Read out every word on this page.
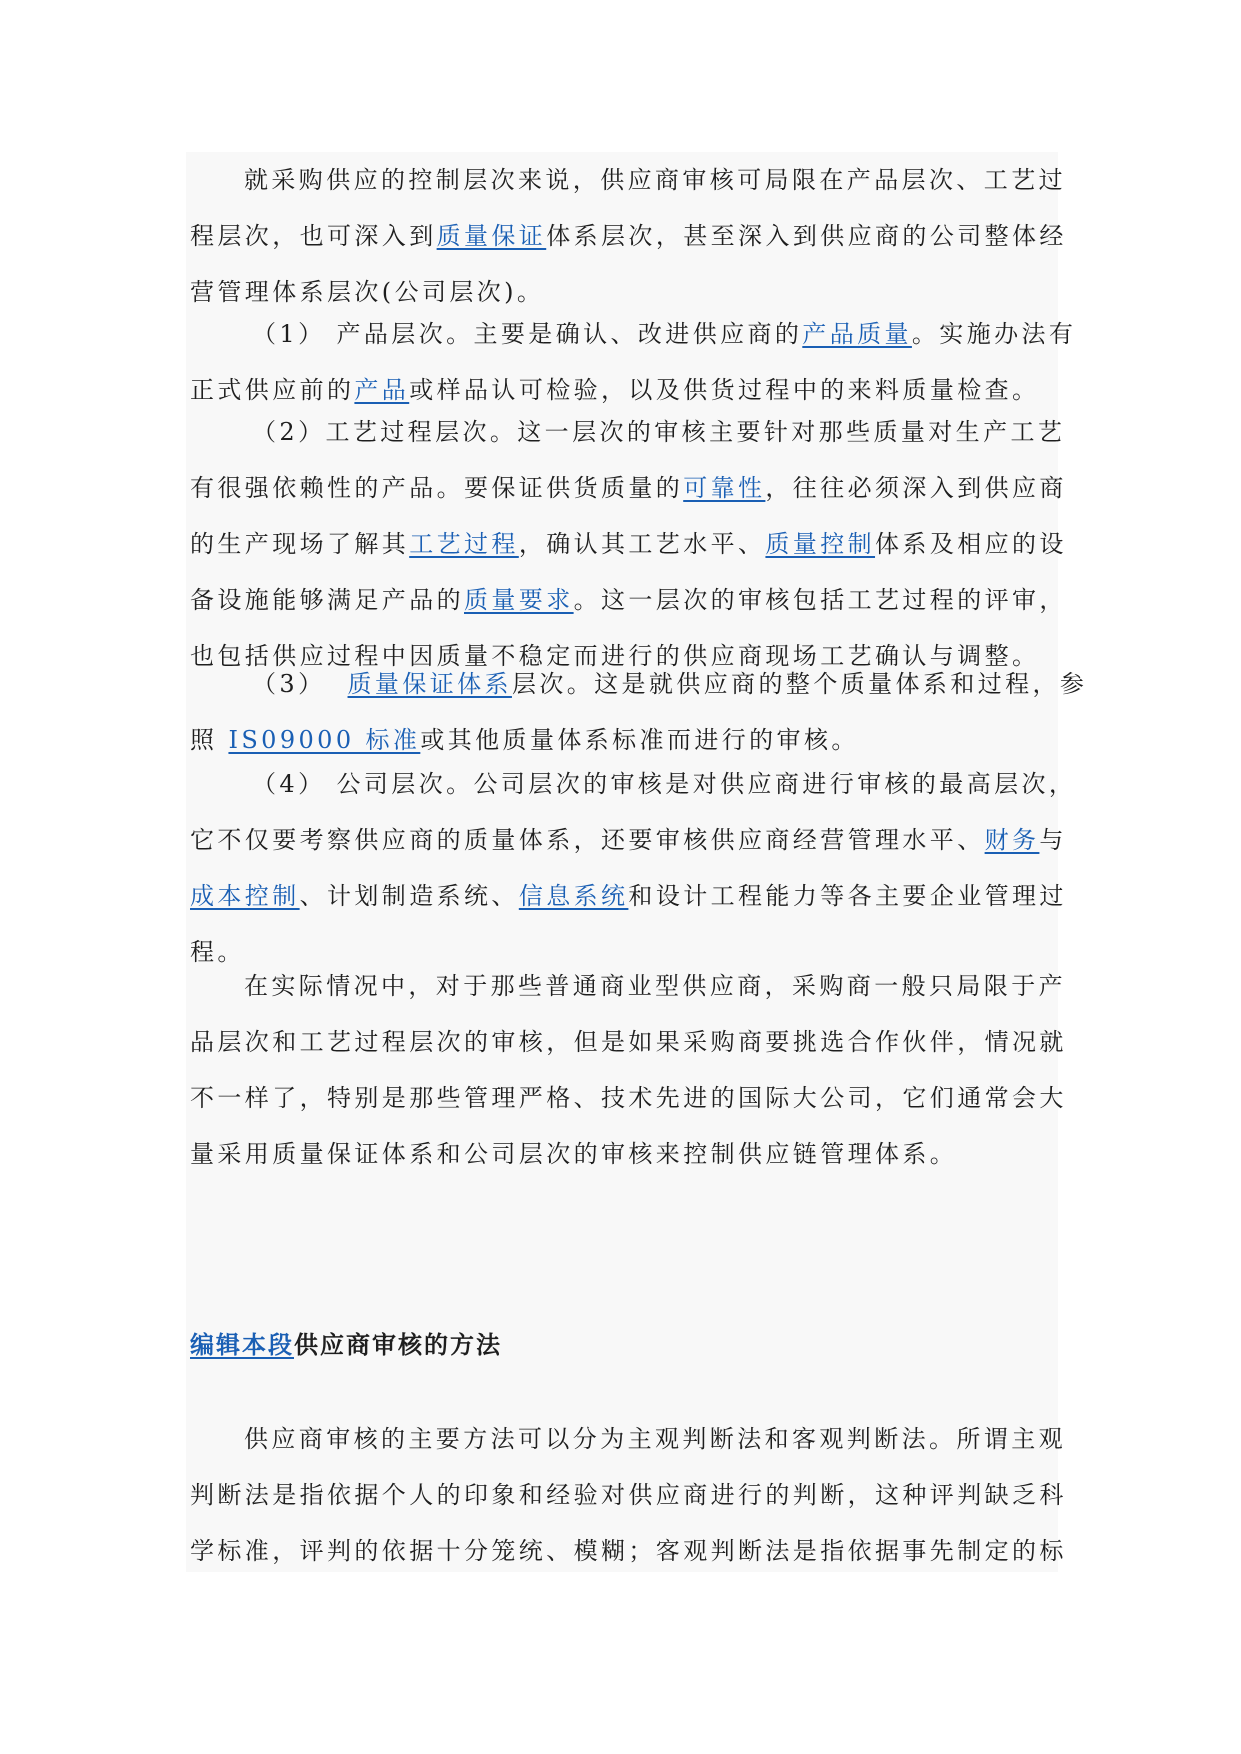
就采购供应的控制层次来说，供应商审核可局限在产品层次、工艺过
程层次，也可深入到质量保证体系层次，甚至深入到供应商的公司整体经
营管理体系层次(公司层次)。
（1） 产品层次。主要是确认、改进供应商的产品质量。实施办法有
正式供应前的产品或样品认可检验，以及供货过程中的来料质量检查。
（2）工艺过程层次。这一层次的审核主要针对那些质量对生产工艺
有很强依赖性的产品。要保证供货质量的可靠性，往往必须深入到供应商
的生产现场了解其工艺过程，确认其工艺水平、质量控制体系及相应的设
备设施能够满足产品的质量要求。这一层次的审核包括工艺过程的评审，
也包括供应过程中因质量不稳定而进行的供应商现场工艺确认与调整。
（3）  质量保证体系层次。这是就供应商的整个质量体系和过程，参
照 IS09000 标准或其他质量体系标准而进行的审核。
（4） 公司层次。公司层次的审核是对供应商进行审核的最高层次，
它不仅要考察供应商的质量体系，还要审核供应商经营管理水平、财务与
成本控制、计划制造系统、信息系统和设计工程能力等各主要企业管理过
程。
在实际情况中，对于那些普通商业型供应商，采购商一般只局限于产
品层次和工艺过程层次的审核，但是如果采购商要挑选合作伙伴，情况就
不一样了，特别是那些管理严格、技术先进的国际大公司，它们通常会大
量采用质量保证体系和公司层次的审核来控制供应链管理体系。
编辑本段供应商审核的方法
供应商审核的主要方法可以分为主观判断法和客观判断法。所谓主观
判断法是指依据个人的印象和经验对供应商进行的判断，这种评判缺乏科
学标准，评判的依据十分笼统、模糊；客观判断法是指依据事先制定的标
